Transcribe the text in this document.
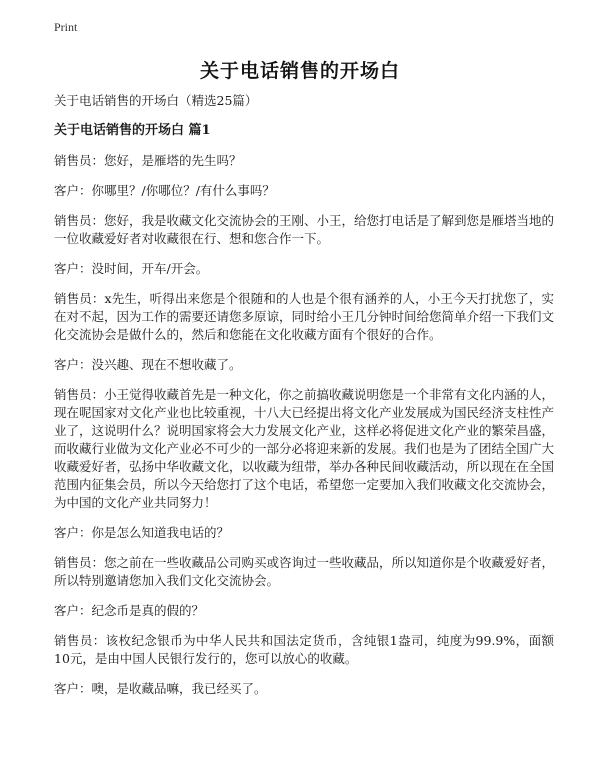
Print
关于电话销售的开场白
关于电话销售的开场白（精选25篇）
关于电话销售的开场白 篇1
销售员：您好，是雁塔的先生吗？
客户：你哪里？/你哪位？/有什么事吗？
销售员：您好，我是收藏文化交流协会的王刚、小王，给您打电话是了解到您是雁塔当地的一位收藏爱好者对收藏很在行、想和您合作一下。
客户：没时间，开车/开会。
销售员：x先生，听得出来您是个很随和的人也是个很有涵养的人，小王今天打扰您了，实在对不起，因为工作的需要还请您多原谅，同时给小王几分钟时间给您简单介绍一下我们文化交流协会是做什么的，然后和您能在文化收藏方面有个很好的合作。
客户：没兴趣、现在不想收藏了。
销售员：小王觉得收藏首先是一种文化，你之前搞收藏说明您是一个非常有文化内涵的人，现在呢国家对文化产业也比较重视，十八大已经提出将文化产业发展成为国民经济支柱性产业了，这说明什么？说明国家将会大力发展文化产业，这样必将促进文化产业的繁荣昌盛，而收藏行业做为文化产业必不可少的一部分必将迎来新的发展。我们也是为了团结全国广大收藏爱好者，弘扬中华收藏文化，以收藏为纽带，举办各种民间收藏活动，所以现在在全国范围内征集会员，所以今天给您打了这个电话，希望您一定要加入我们收藏文化交流协会，为中国的文化产业共同努力！
客户：你是怎么知道我电话的？
销售员：您之前在一些收藏品公司购买或咨询过一些收藏品，所以知道你是个收藏爱好者，所以特别邀请您加入我们文化交流协会。
客户：纪念币是真的假的？
销售员：该枚纪念银币为中华人民共和国法定货币，含纯银1盎司，纯度为99.9%，面额10元，是由中国人民银行发行的，您可以放心的收藏。
客户：噢，是收藏品嘛，我已经买了。
